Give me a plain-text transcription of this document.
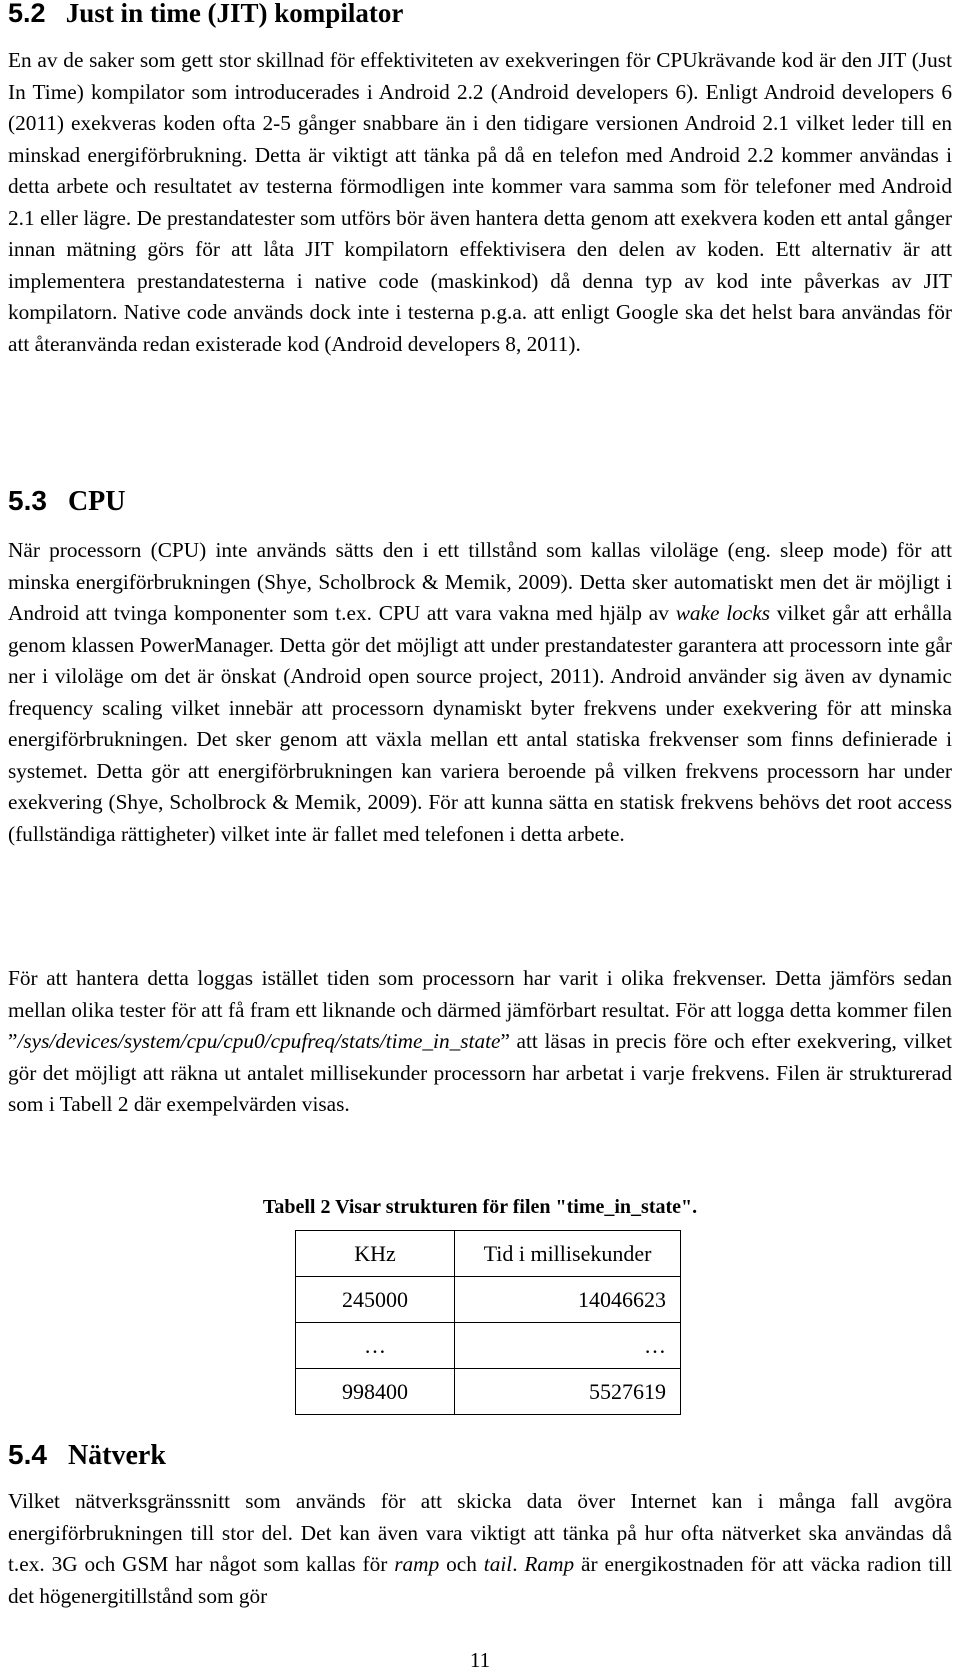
5.2 Just in time (JIT) kompilator

En av de saker som gett stor skillnad för effektiviteten av exekveringen för CPUkrävande kod är den JIT (Just In Time) kompilator som introducerades i Android 2.2 (Android developers 6). Enligt Android developers 6 (2011) exekveras koden ofta 2-5 gånger snabbare än i den tidigare versionen Android 2.1 vilket leder till en minskad energiförbrukning. Detta är viktigt att tänka på då en telefon med Android 2.2 kommer användas i detta arbete och resultatet av testerna förmodligen inte kommer vara samma som för telefoner med Android 2.1 eller lägre. De prestandatester som utförs bör även hantera detta genom att exekvera koden ett antal gånger innan mätning görs för att låta JIT kompilatorn effektivisera den delen av koden. Ett alternativ är att implementera prestandatesterna i native code (maskinkod) då denna typ av kod inte påverkas av JIT kompilatorn. Native code används dock inte i testerna p.g.a. att enligt Google ska det helst bara användas för att återanvända redan existerade kod (Android developers 8, 2011).

5.3 CPU

När processorn (CPU) inte används sätts den i ett tillstånd som kallas viloläge (eng. sleep mode) för att minska energiförbrukningen (Shye, Scholbrock & Memik, 2009). Detta sker automatiskt men det är möjligt i Android att tvinga komponenter som t.ex. CPU att vara vakna med hjälp av wake locks vilket går att erhålla genom klassen PowerManager. Detta gör det möjligt att under prestandatester garantera att processorn inte går ner i viloläge om det är önskat (Android open source project, 2011). Android använder sig även av dynamic frequency scaling vilket innebär att processorn dynamiskt byter frekvens under exekvering för att minska energiförbrukningen. Det sker genom att växla mellan ett antal statiska frekvenser som finns definierade i systemet. Detta gör att energiförbrukningen kan variera beroende på vilken frekvens processorn har under exekvering (Shye, Scholbrock & Memik, 2009). För att kunna sätta en statisk frekvens behövs det root access (fullständiga rättigheter) vilket inte är fallet med telefonen i detta arbete.

För att hantera detta loggas istället tiden som processorn har varit i olika frekvenser. Detta jämförs sedan mellan olika tester för att få fram ett liknande och därmed jämförbart resultat. För att logga detta kommer filen ”/sys/devices/system/cpu/cpu0/cpufreq/stats/time_in_state” att läsas in precis före och efter exekvering, vilket gör det möjligt att räkna ut antalet millisekunder processorn har arbetat i varje frekvens. Filen är strukturerad som i Tabell 2 där exempelvärden visas.

Tabell 2 Visar strukturen för filen "time_in_state".
KHz	Tid i millisekunder
245000	14046623
…	…
998400	5527619
5.4 Nätverk

Vilket nätverksgränssnitt som används för att skicka data över Internet kan i många fall avgöra energiförbrukningen till stor del. Det kan även vara viktigt att tänka på hur ofta nätverket ska användas då t.ex. 3G och GSM har något som kallas för ramp och tail. Ramp är energikostnaden för att väcka radion till det högenergitillstånd som gör

11
